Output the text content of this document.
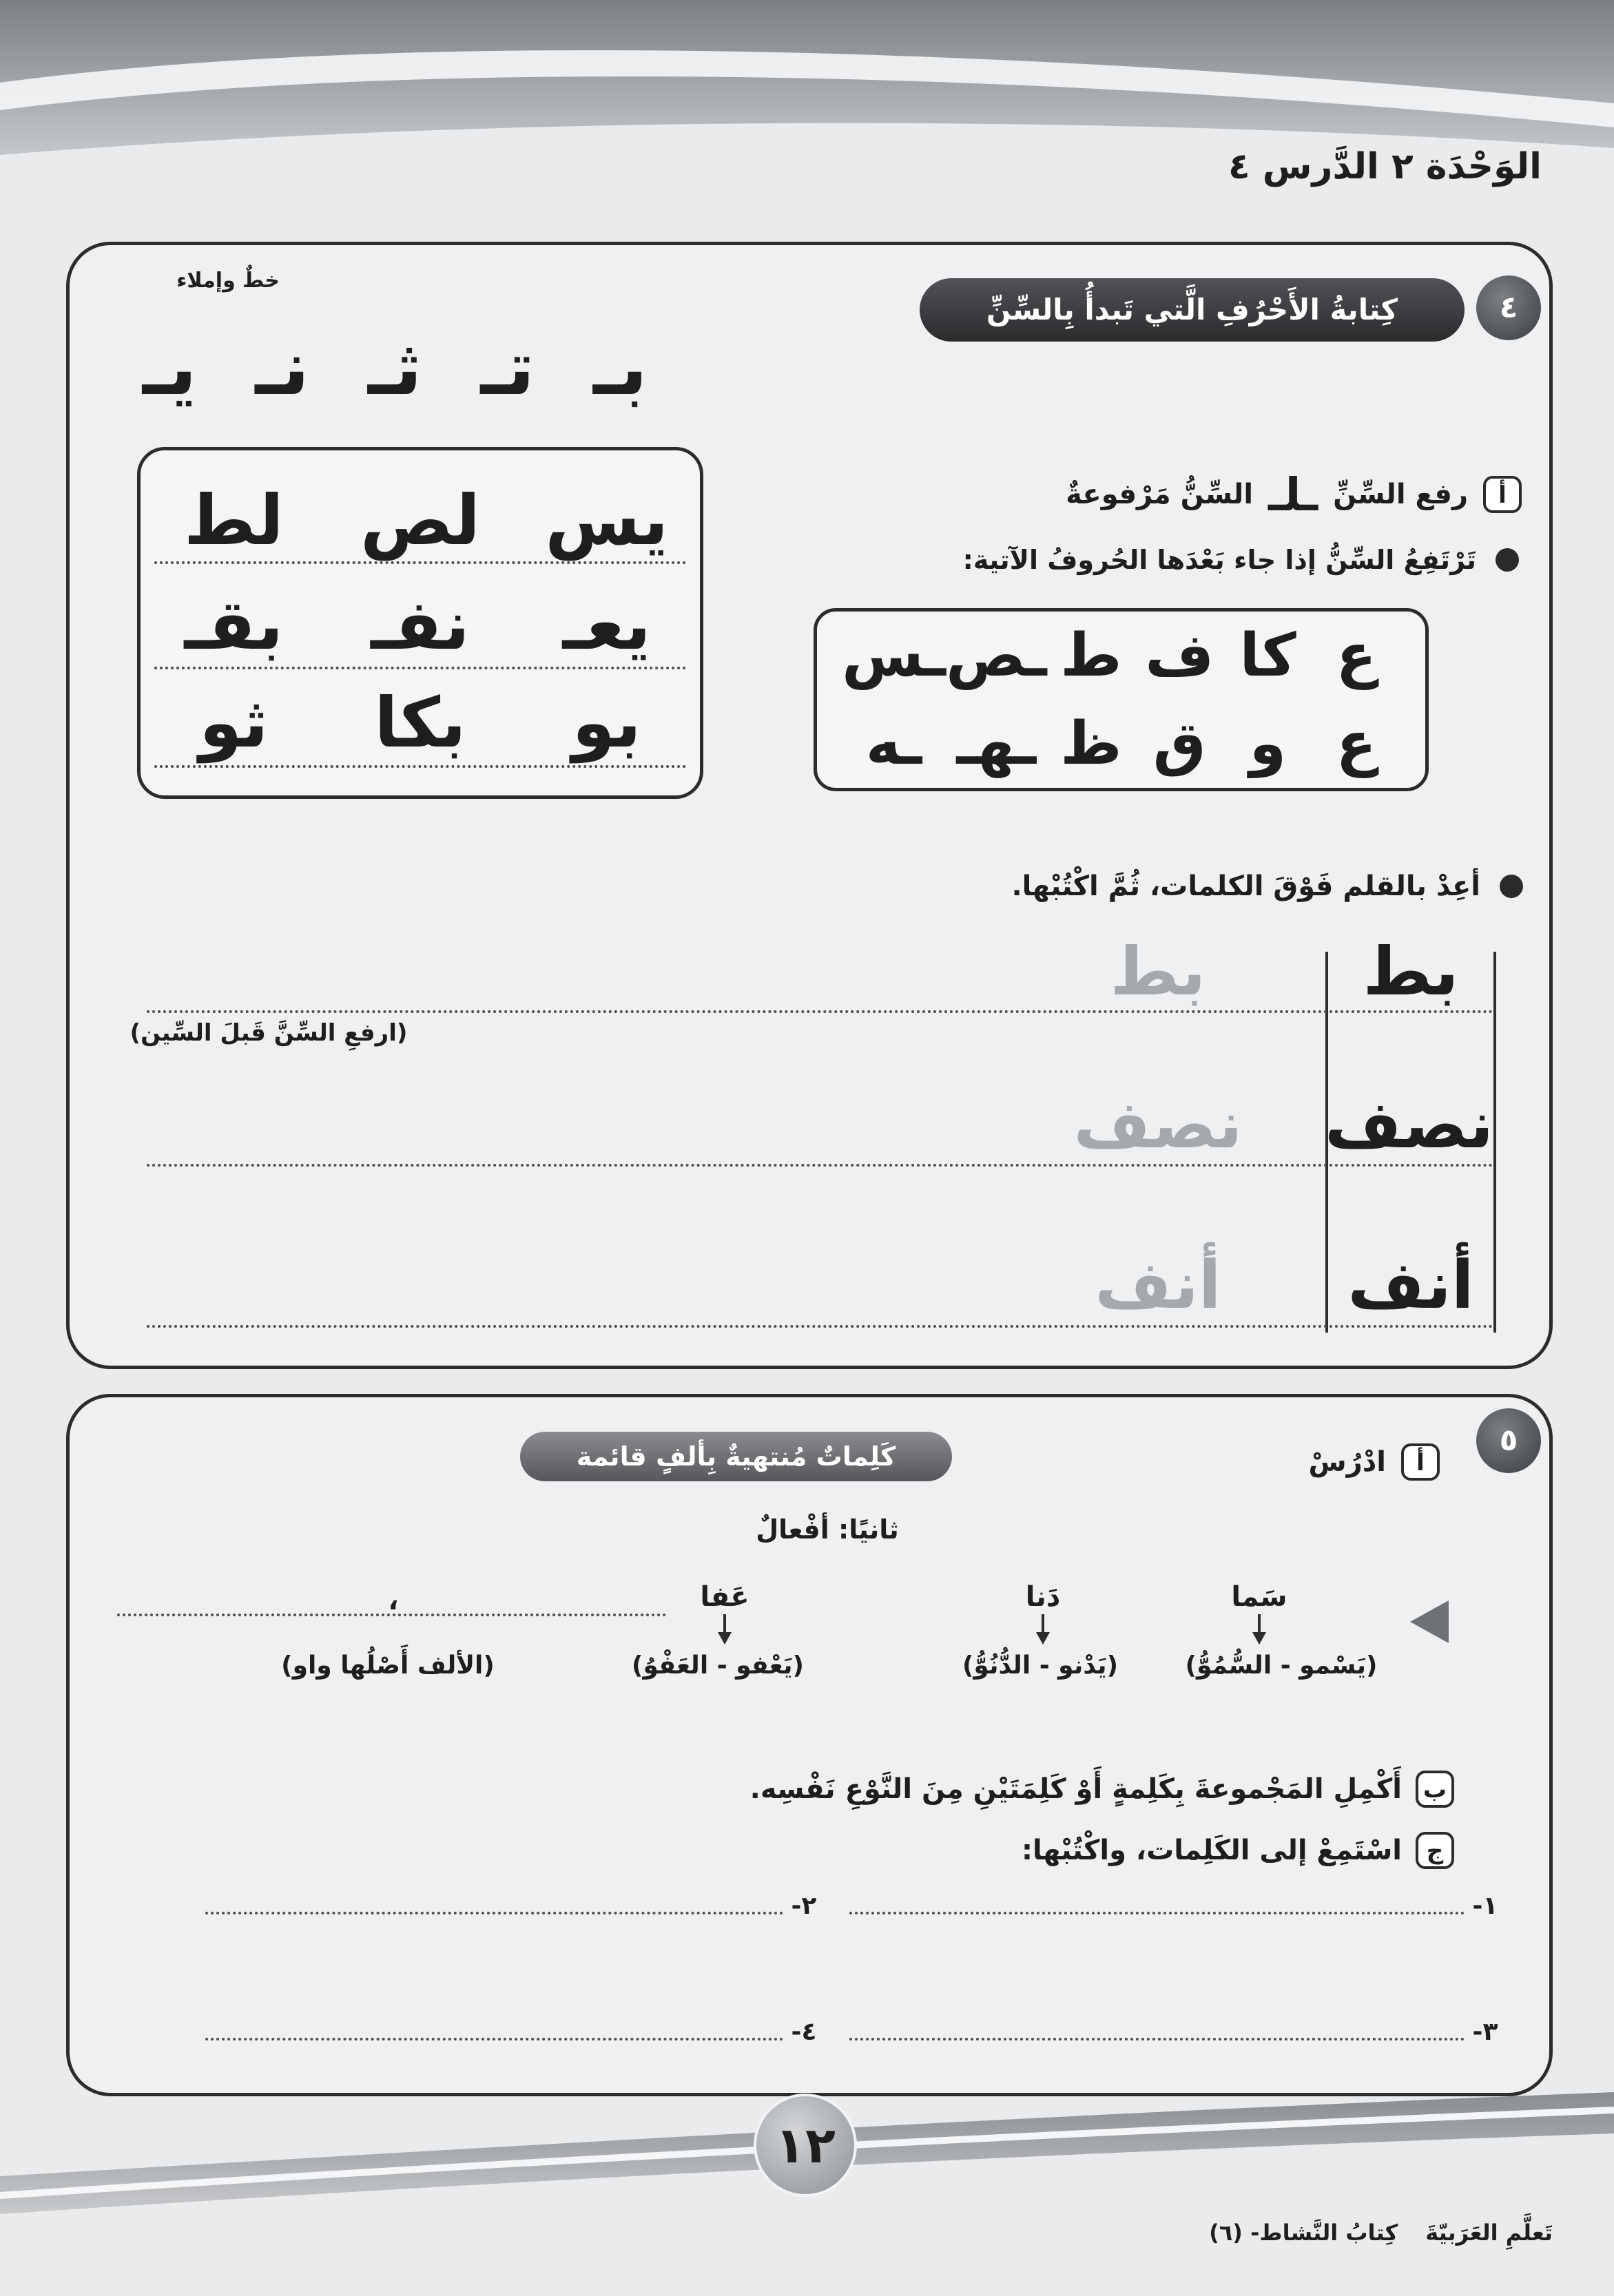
الوَحْدَة ٢ الدَّرس ٤
٤
كِتابةُ الأَحْرُفِ الَّتي تَبدأُ بِالسِّنِّ
خطٌ وإملاء
بـ
تـ
ثـ
نـ
يـ
أ
رفع السِّنِّ
ـلـ
السِّنُّ مَرْفوعةٌ
تَرْتَفِعُ السِّنُّ إذا جاء بَعْدَها الحُروفُ الآتية:
ع
كا
ف
ط
ـص
ـس
ع
و
ق
ظ
ـهـ
ـه
يس
لص
لط
يعـ
نفـ
بقـ
بو
بكا
ثو
أعِدْ بالقلم فَوْقَ الكلمات، ثُمَّ اكْتُبْها.
بط
بط
نصف
نصف
أنف
أنف
(ارفعِ السِّنَّ قَبلَ السِّين)
٥
كَلِماتٌ مُنتهيةٌ بِألفٍ قائمة	أ
ادْرُسْ
ثانيًا: أفْعالٌ
سَما
دَنا
عَفا
،
(يَسْمو - السُّمُوُّ)
(يَدْنو - الدُّنُوُّ)
(يَعْفو - العَفْوُ)
(الألف أَصْلُها واو)
ب
أَكْمِلِ المَجْموعةَ بِكَلِمةٍ أَوْ كَلِمَتَيْنِ مِنَ النَّوْعِ نَفْسِه.
ج
اسْتَمِعْ إلى الكَلِمات، واكْتُبْها:
١-
٢-
٣-
٤-
١٢
تَعلَّمِ العَرَبيّةَ
كِتابُ النَّشاط- (٦)
